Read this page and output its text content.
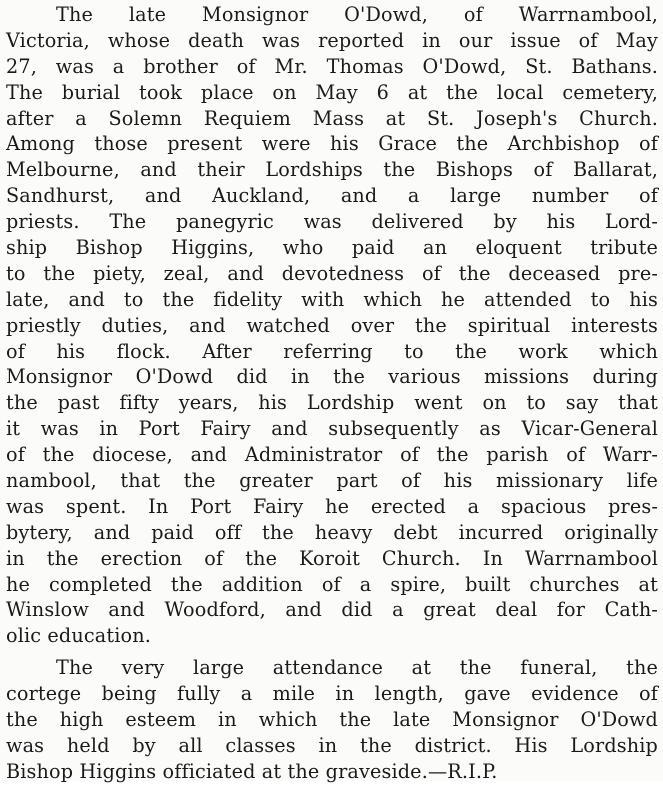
The late Monsignor O'Dowd, of Warrnambool,
Victoria, whose death was reported in our issue of May
27, was a brother of Mr. Thomas O'Dowd, St. Bathans.
The burial took place on May 6 at the local cemetery,
after a Solemn Requiem Mass at St. Joseph's Church.
Among those present were his Grace the Archbishop of
Melbourne, and their Lordships the Bishops of Ballarat,
Sandhurst, and Auckland, and a large number of
priests. The panegyric was delivered by his Lord-
ship Bishop Higgins, who paid an eloquent tribute
to the piety, zeal, and devotedness of the deceased pre-
late, and to the fidelity with which he attended to his
priestly duties, and watched over the spiritual interests
of his flock. After referring to the work which
Monsignor O'Dowd did in the various missions during
the past fifty years, his Lordship went on to say that
it was in Port Fairy and subsequently as Vicar-General
of the diocese, and Administrator of the parish of Warr-
nambool, that the greater part of his missionary life
was spent. In Port Fairy he erected a spacious pres-
bytery, and paid off the heavy debt incurred originally
in the erection of the Koroit Church. In Warrnambool
he completed the addition of a spire, built churches at
Winslow and Woodford, and did a great deal for Cath-
olic education.
The very large attendance at the funeral, the
cortege being fully a mile in length, gave evidence of
the high esteem in which the late Monsignor O'Dowd
was held by all classes in the district. His Lordship
Bishop Higgins officiated at the graveside.—R.I.P.
